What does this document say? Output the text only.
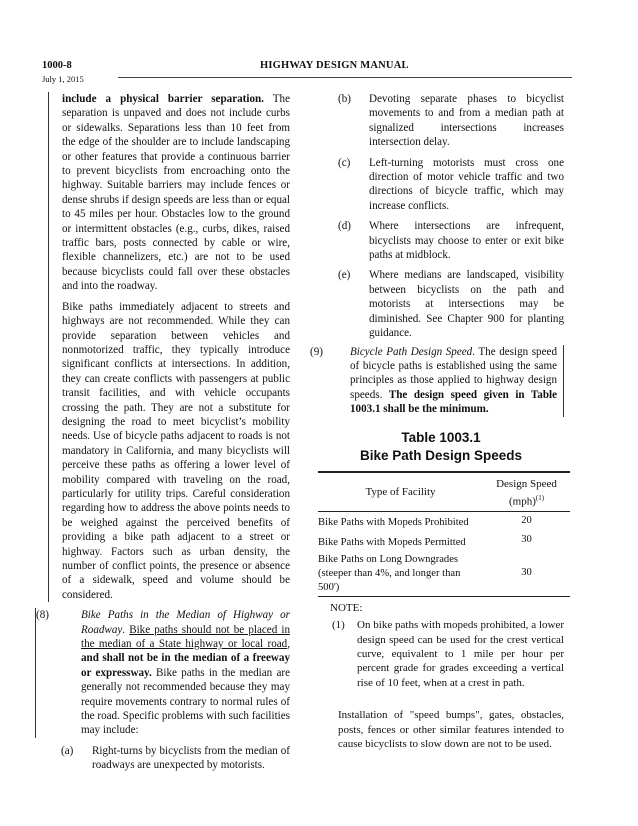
1000-8	HIGHWAY DESIGN MANUAL
July 1, 2015

include a physical barrier separation. The separation is unpaved and does not include curbs or sidewalks. Separations less than 10 feet from the edge of the shoulder are to include landscaping or other features that provide a continuous barrier to prevent bicyclists from encroaching onto the highway. Suitable barriers may include fences or dense shrubs if design speeds are less than or equal to 45 miles per hour. Obstacles low to the ground or intermittent obstacles (e.g., curbs, dikes, raised traffic bars, posts connected by cable or wire, flexible channelizers, etc.) are not to be used because bicyclists could fall over these obstacles and into the roadway.

Bike paths immediately adjacent to streets and highways are not recommended. While they can provide separation between vehicles and nonmotorized traffic, they typically introduce significant conflicts at intersections. In addition, they can create conflicts with passengers at public transit facilities, and with vehicle occupants crossing the path. They are not a substitute for designing the road to meet bicyclist’s mobility needs. Use of bicycle paths adjacent to roads is not mandatory in California, and many bicyclists will perceive these paths as offering a lower level of mobility compared with traveling on the road, particularly for utility trips. Careful consideration regarding how to address the above points needs to be weighed against the perceived benefits of providing a bike path adjacent to a street or highway. Factors such as urban density, the number of conflict points, the presence or absence of a sidewalk, speed and volume should be considered.

(8)	Bike Paths in the Median of Highway or Roadway. Bike paths should not be placed in the median of a State highway or local road, and shall not be in the median of a freeway or expressway. Bike paths in the median are generally not recommended because they may require movements contrary to normal rules of the road. Specific problems with such facilities may include:
(a) Right-turns by bicyclists from the median of roadways are unexpected by motorists.
(b) Devoting separate phases to bicyclist movements to and from a median path at signalized intersections increases intersection delay.
(c) Left-turning motorists must cross one direction of motor vehicle traffic and two directions of bicycle traffic, which may increase conflicts.
(d) Where intersections are infrequent, bicyclists may choose to enter or exit bike paths at midblock.
(e) Where medians are landscaped, visibility between bicyclists on the path and motorists at intersections may be diminished. See Chapter 900 for planting guidance.
(9) Bicycle Path Design Speed. The design speed of bicycle paths is established using the same principles as those applied to highway design speeds. The design speed given in Table 1003.1 shall be the minimum.
Table 1003.1
Bike Path Design Speeds
Type of Facility	Design Speed (mph)$^{(1)}$
Bike Paths with Mopeds Prohibited	20
Bike Paths with Mopeds Permitted	30
Bike Paths on Long Downgrades (steeper than 4%, and longer than 500')	30
NOTE:
(1) On bike paths with mopeds prohibited, a lower design speed can be used for the crest vertical curve, equivalent to 1 mile per hour per percent grade for grades exceeding a vertical rise of 10 feet, when at a crest in path.

Installation of "speed bumps", gates, obstacles, posts, fences or other similar features intended to cause bicyclists to slow down are not to be used.
